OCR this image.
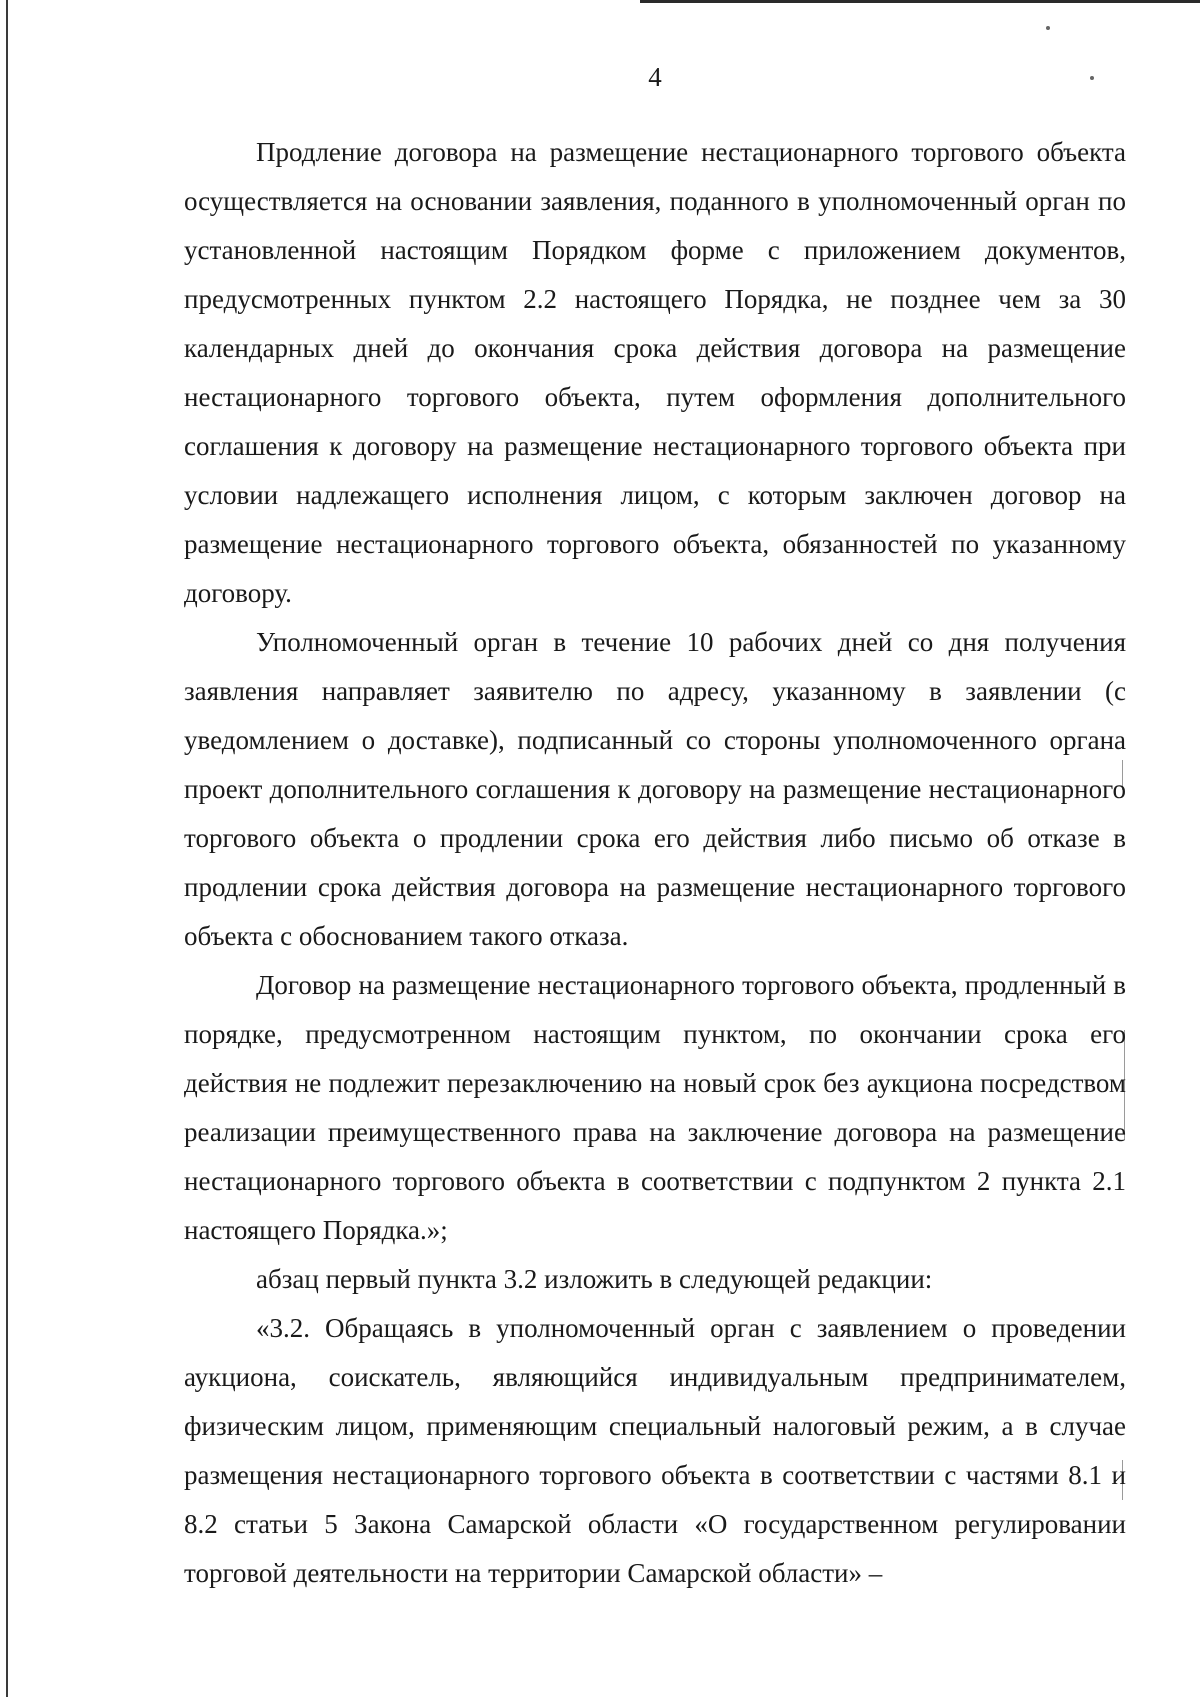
4

Продление договора на размещение нестационарного торгового объекта осуществляется на основании заявления, поданного в уполномоченный орган по установленной настоящим Порядком форме с приложением документов, предусмотренных пунктом 2.2 настоящего Порядка, не позднее чем за 30 календарных дней до окончания срока действия договора на размещение нестационарного торгового объекта, путем оформления дополнительного соглашения к договору на размещение нестационарного торгового объекта при условии надлежащего исполнения лицом, с которым заключен договор на размещение нестационарного торгового объекта, обязанностей по указанному договору.

Уполномоченный орган в течение 10 рабочих дней со дня получения заявления направляет заявителю по адресу, указанному в заявлении (с уведомлением о доставке), подписанный со стороны уполномоченного органа проект дополнительного соглашения к договору на размещение нестационарного торгового объекта о продлении срока его действия либо письмо об отказе в продлении срока действия договора на размещение нестационарного торгового объекта с обоснованием такого отказа.

Договор на размещение нестационарного торгового объекта, продленный в порядке, предусмотренном настоящим пунктом, по окончании срока его действия не подлежит перезаключению на новый срок без аукциона посредством реализации преимущественного права на заключение договора на размещение нестационарного торгового объекта в соответствии с подпунктом 2 пункта 2.1 настоящего Порядка.»;

абзац первый пункта 3.2 изложить в следующей редакции:

«3.2. Обращаясь в уполномоченный орган с заявлением о проведении аукциона, соискатель, являющийся индивидуальным предпринимателем, физическим лицом, применяющим специальный налоговый режим, а в случае размещения нестационарного торгового объекта в соответствии с частями 8.1 и 8.2 статьи 5 Закона Самарской области «О государственном регулировании торговой деятельности на территории Самарской области» –
